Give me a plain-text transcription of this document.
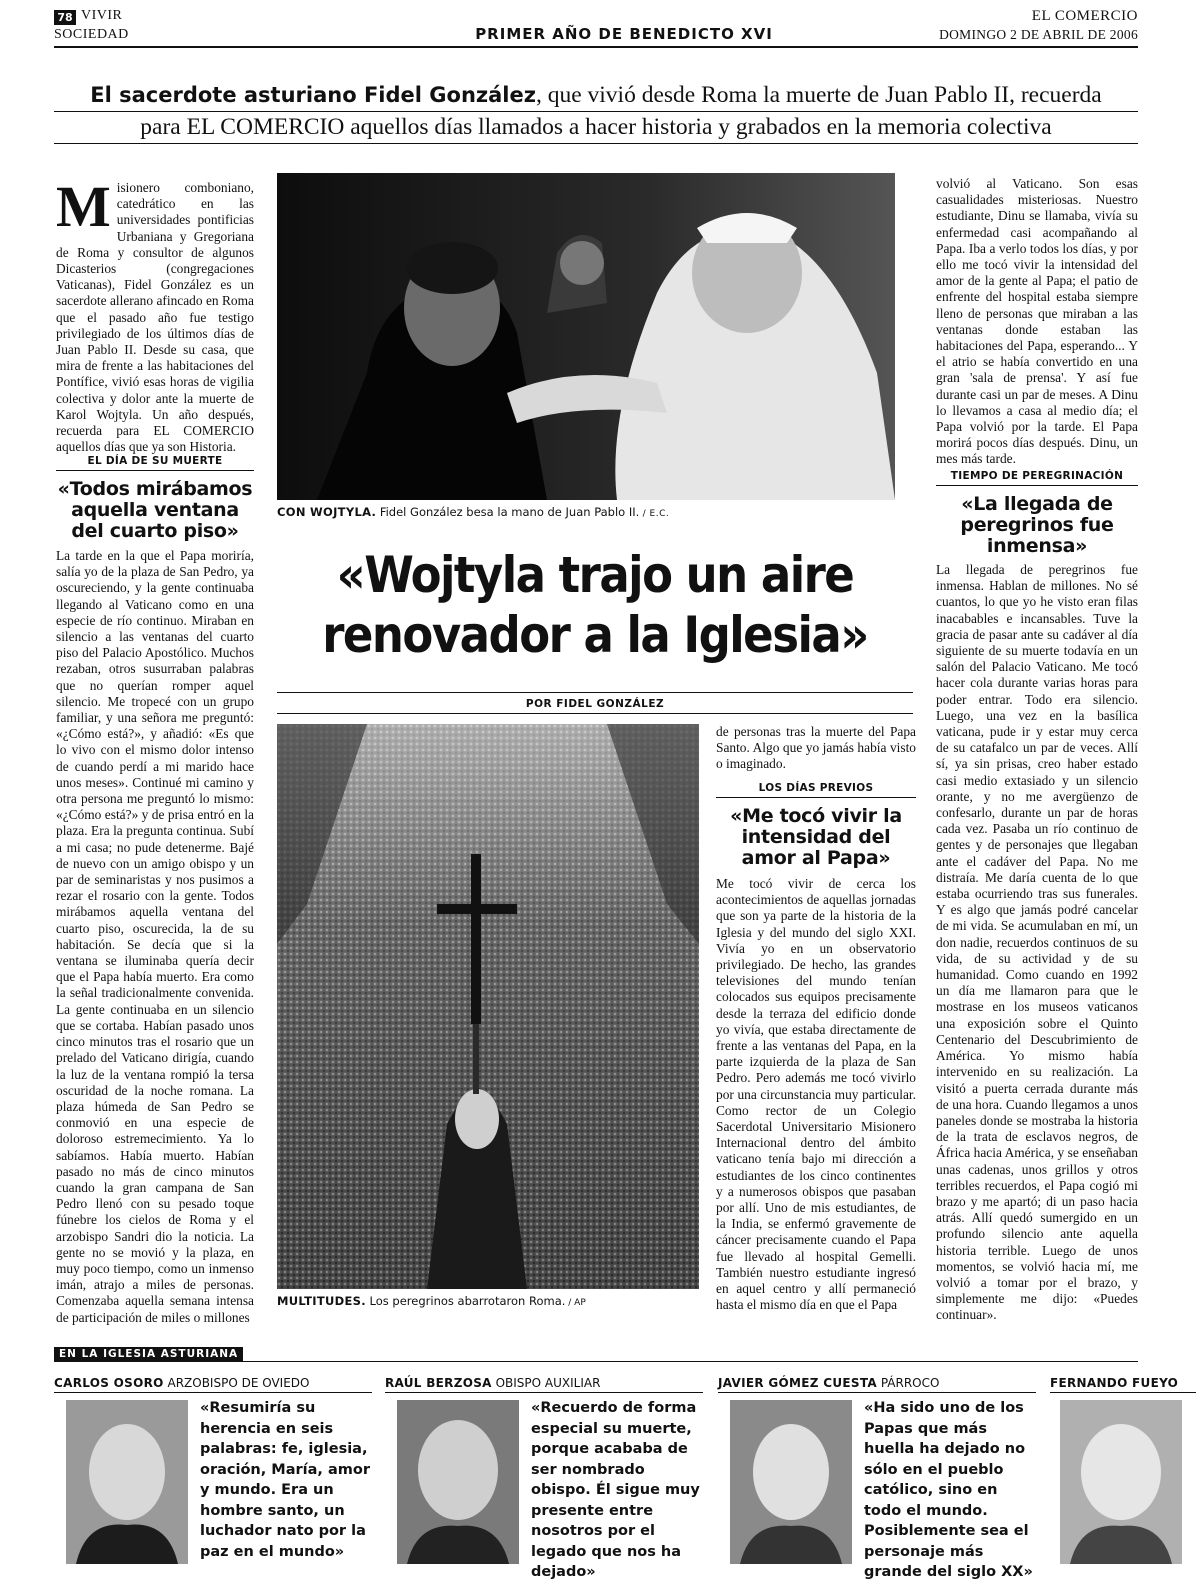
78 VIVIR
SOCIEDAD	PRIMER AÑO DE BENEDICTO XVI
EL COMERCIO
DOMINGO 2 DE ABRIL DE 2006
El sacerdote asturiano Fidel González, que vivió desde Roma la muerte de Juan Pablo II, recuerda
para EL COMERCIO aquellos días llamados a hacer historia y grabados en la memoria colectiva
Misionero comboniano, catedrático en las universidades pontificias Urbaniana y Gregoriana de Roma y consultor de algunos Dicasterios (congregaciones Vaticanas), Fidel González es un sacerdote allerano afincado en Roma que el pasado año fue testigo privilegiado de los últimos días de Juan Pablo II. Desde su casa, que mira de frente a las habitaciones del Pontífice, vivió esas horas de vigilia colectiva y dolor ante la muerte de Karol Wojtyla. Un año después, recuerda para EL COMERCIO aquellos días que ya son Historia.
EL DÍA DE SU MUERTE
«Todos mirábamos aquella ventana del cuarto piso»
La tarde en la que el Papa moriría, salía yo de la plaza de San Pedro, ya oscureciendo, y la gente continuaba llegando al Vaticano como en una especie de río continuo. Miraban en silencio a las ventanas del cuarto piso del Palacio Apostólico. Muchos rezaban, otros susurraban palabras que no querían romper aquel silencio. Me tropecé con un grupo familiar, y una señora me preguntó: «¿Cómo está?», y añadió: «Es que lo vivo con el mismo dolor intenso de cuando perdí a mi marido hace unos meses». Continué mi camino y otra persona me preguntó lo mismo: «¿Cómo está?» y de prisa entró en la plaza. Era la pregunta continua. Subí a mi casa; no pude detenerme. Bajé de nuevo con un amigo obispo y un par de seminaristas y nos pusimos a rezar el rosario con la gente. Todos mirábamos aquella ventana del cuarto piso, oscurecida, la de su habitación. Se decía que si la ventana se iluminaba quería decir que el Papa había muerto. Era como la señal tradicionalmente convenida. La gente continuaba en un silencio que se cortaba. Habían pasado unos cinco minutos tras el rosario que un prelado del Vaticano dirigía, cuando la luz de la ventana rompió la tersa oscuridad de la noche romana. La plaza húmeda de San Pedro se conmovió en una especie de doloroso estremecimiento. Ya lo sabíamos. Había muerto. Habían pasado no más de cinco minutos cuando la gran campana de San Pedro llenó con su pesado toque fúnebre los cielos de Roma y el arzobispo Sandri dio la noticia. La gente no se movió y la plaza, en muy poco tiempo, como un inmenso imán, atrajo a miles de personas. Comenzaba aquella semana intensa de participación de miles o millones
CON WOJTYLA. Fidel González besa la mano de Juan Pablo II. / E.C.
«Wojtyla trajo un aire
renovador a la Iglesia»
POR FIDEL GONZÁLEZ
MULTITUDES. Los peregrinos abarrotaron Roma. / AP
de personas tras la muerte del Papa Santo. Algo que yo jamás había visto o imaginado.
LOS DÍAS PREVIOS
«Me tocó vivir la intensidad del amor al Papa»
Me tocó vivir de cerca los acontecimientos de aquellas jornadas que son ya parte de la historia de la Iglesia y del mundo del siglo XXI. Vivía yo en un observatorio privilegiado. De hecho, las grandes televisiones del mundo tenían colocados sus equipos precisamente desde la terraza del edificio donde yo vivía, que estaba directamente de frente a las ventanas del Papa, en la parte izquierda de la plaza de San Pedro. Pero además me tocó vivirlo por una circunstancia muy particular. Como rector de un Colegio Sacerdotal Universitario Misionero Internacional dentro del ámbito vaticano tenía bajo mi dirección a estudiantes de los cinco continentes y a numerosos obispos que pasaban por allí. Uno de mis estudiantes, de la India, se enfermó gravemente de cáncer precisamente cuando el Papa fue llevado al hospital Gemelli. También nuestro estudiante ingresó en aquel centro y allí permaneció hasta el mismo día en que el Papa
volvió al Vaticano. Son esas casualidades misteriosas. Nuestro estudiante, Dinu se llamaba, vivía su enfermedad casi acompañando al Papa. Iba a verlo todos los días, y por ello me tocó vivir la intensidad del amor de la gente al Papa; el patio de enfrente del hospital estaba siempre lleno de personas que miraban a las ventanas donde estaban las habitaciones del Papa, esperando... Y el atrio se había convertido en una gran 'sala de prensa'. Y así fue durante casi un par de meses. A Dinu lo llevamos a casa al medio día; el Papa volvió por la tarde. El Papa morirá pocos días después. Dinu, un mes más tarde.
TIEMPO DE PEREGRINACIÓN
«La llegada de peregrinos fue inmensa»
La llegada de peregrinos fue inmensa. Hablan de millones. No sé cuantos, lo que yo he visto eran filas inacabables e incansables. Tuve la gracia de pasar ante su cadáver al día siguiente de su muerte todavía en un salón del Palacio Vaticano. Me tocó hacer cola durante varias horas para poder entrar. Todo era silencio. Luego, una vez en la basílica vaticana, pude ir y estar muy cerca de su catafalco un par de veces. Allí sí, ya sin prisas, creo haber estado casi medio extasiado y un silencio orante, y no me avergüenzo de confesarlo, durante un par de horas cada vez. Pasaba un río continuo de gentes y de personajes que llegaban ante el cadáver del Papa. No me distraía. Me daría cuenta de lo que estaba ocurriendo tras sus funerales. Y es algo que jamás podré cancelar de mi vida. Se acumulaban en mí, un don nadie, recuerdos continuos de su vida, de su actividad y de su humanidad. Como cuando en 1992 un día me llamaron para que le mostrase en los museos vaticanos una exposición sobre el Quinto Centenario del Descubrimiento de América. Yo mismo había intervenido en su realización. La visitó a puerta cerrada durante más de una hora. Cuando llegamos a unos paneles donde se mostraba la historia de la trata de esclavos negros, de África hacia América, y se enseñaban unas cadenas, unos grillos y otros terribles recuerdos, el Papa cogió mi brazo y me apartó; di un paso hacia atrás. Allí quedó sumergido en un profundo silencio ante aquella historia terrible. Luego de unos momentos, se volvió hacia mí, me volvió a tomar por el brazo, y simplemente me dijo: «Puedes continuar».
EN LA IGLESIA ASTURIANA
CARLOS OSORO ARZOBISPO DE OVIEDO
«Resumiría su herencia en seis palabras: fe, iglesia, oración, María, amor y mundo. Era un hombre santo, un luchador nato por la paz en el mundo»
RAÚL BERZOSA OBISPO AUXILIAR
«Recuerdo de forma especial su muerte, porque acababa de ser nombrado obispo. Él sigue muy presente entre nosotros por el legado que nos ha dejado»
JAVIER GÓMEZ CUESTA PÁRROCO
«Ha sido uno de los Papas que más huella ha dejado no sólo en el pueblo católico, sino en todo el mundo. Posiblemente sea el personaje más grande del siglo XX»
FERNANDO FUEYO
